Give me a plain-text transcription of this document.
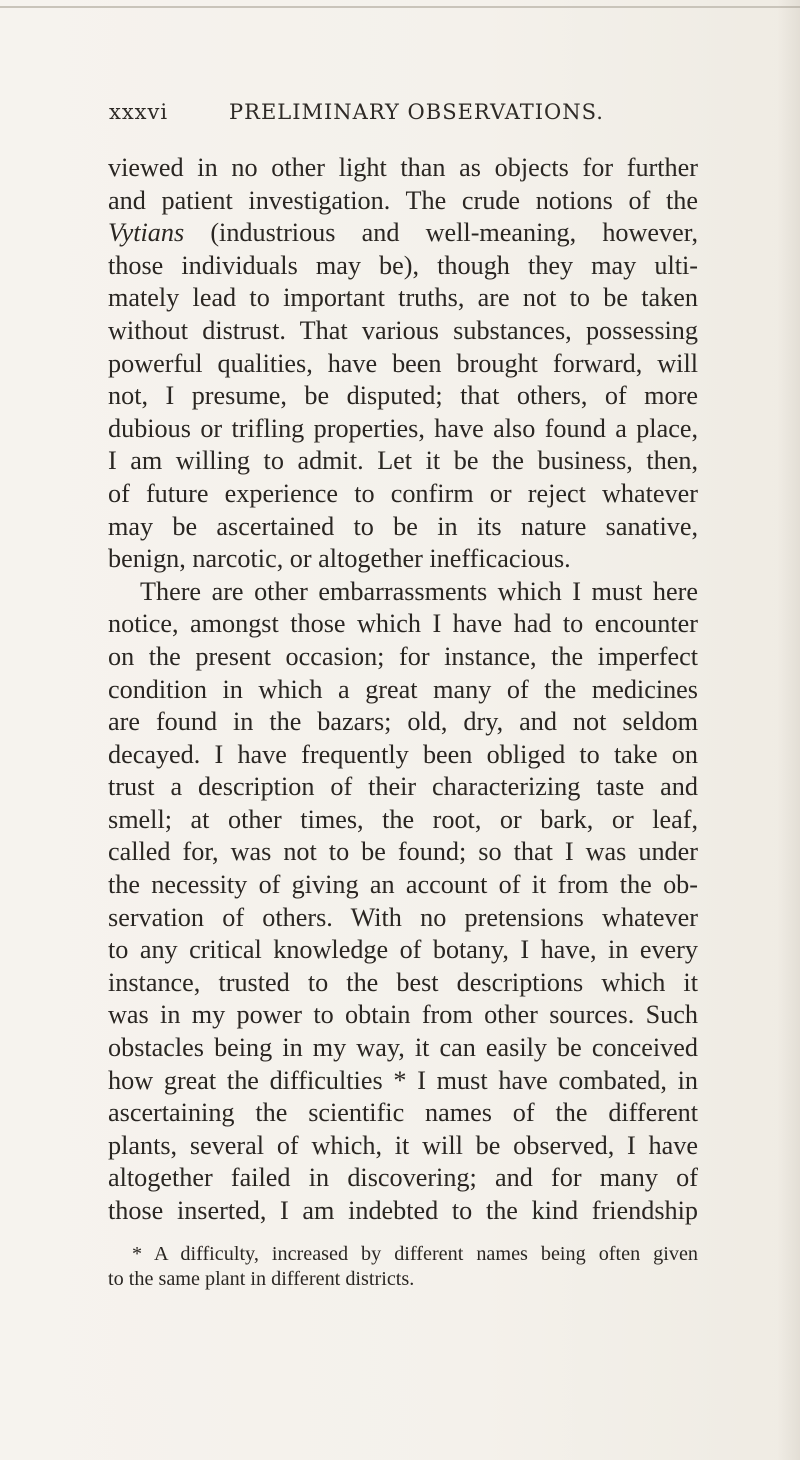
xxxvi	PRELIMINARY OBSERVATIONS.
viewed in no other light than as objects for further
and patient investigation. The crude notions of the
Vytians (industrious and well-meaning, however,
those individuals may be), though they may ulti-
mately lead to important truths, are not to be taken
without distrust. That various substances, possessing
powerful qualities, have been brought forward, will
not, I presume, be disputed; that others, of more
dubious or trifling properties, have also found a place,
I am willing to admit. Let it be the business, then,
of future experience to confirm or reject whatever
may be ascertained to be in its nature sanative,
benign, narcotic, or altogether inefficacious.
There are other embarrassments which I must here
notice, amongst those which I have had to encounter
on the present occasion; for instance, the imperfect
condition in which a great many of the medicines
are found in the bazars; old, dry, and not seldom
decayed. I have frequently been obliged to take on
trust a description of their characterizing taste and
smell; at other times, the root, or bark, or leaf,
called for, was not to be found; so that I was under
the necessity of giving an account of it from the ob-
servation of others. With no pretensions whatever
to any critical knowledge of botany, I have, in every
instance, trusted to the best descriptions which it
was in my power to obtain from other sources. Such
obstacles being in my way, it can easily be conceived
how great the difficulties * I must have combated, in
ascertaining the scientific names of the different
plants, several of which, it will be observed, I have
altogether failed in discovering; and for many of
those inserted, I am indebted to the kind friendship
* A difficulty, increased by different names being often given
to the same plant in different districts.
